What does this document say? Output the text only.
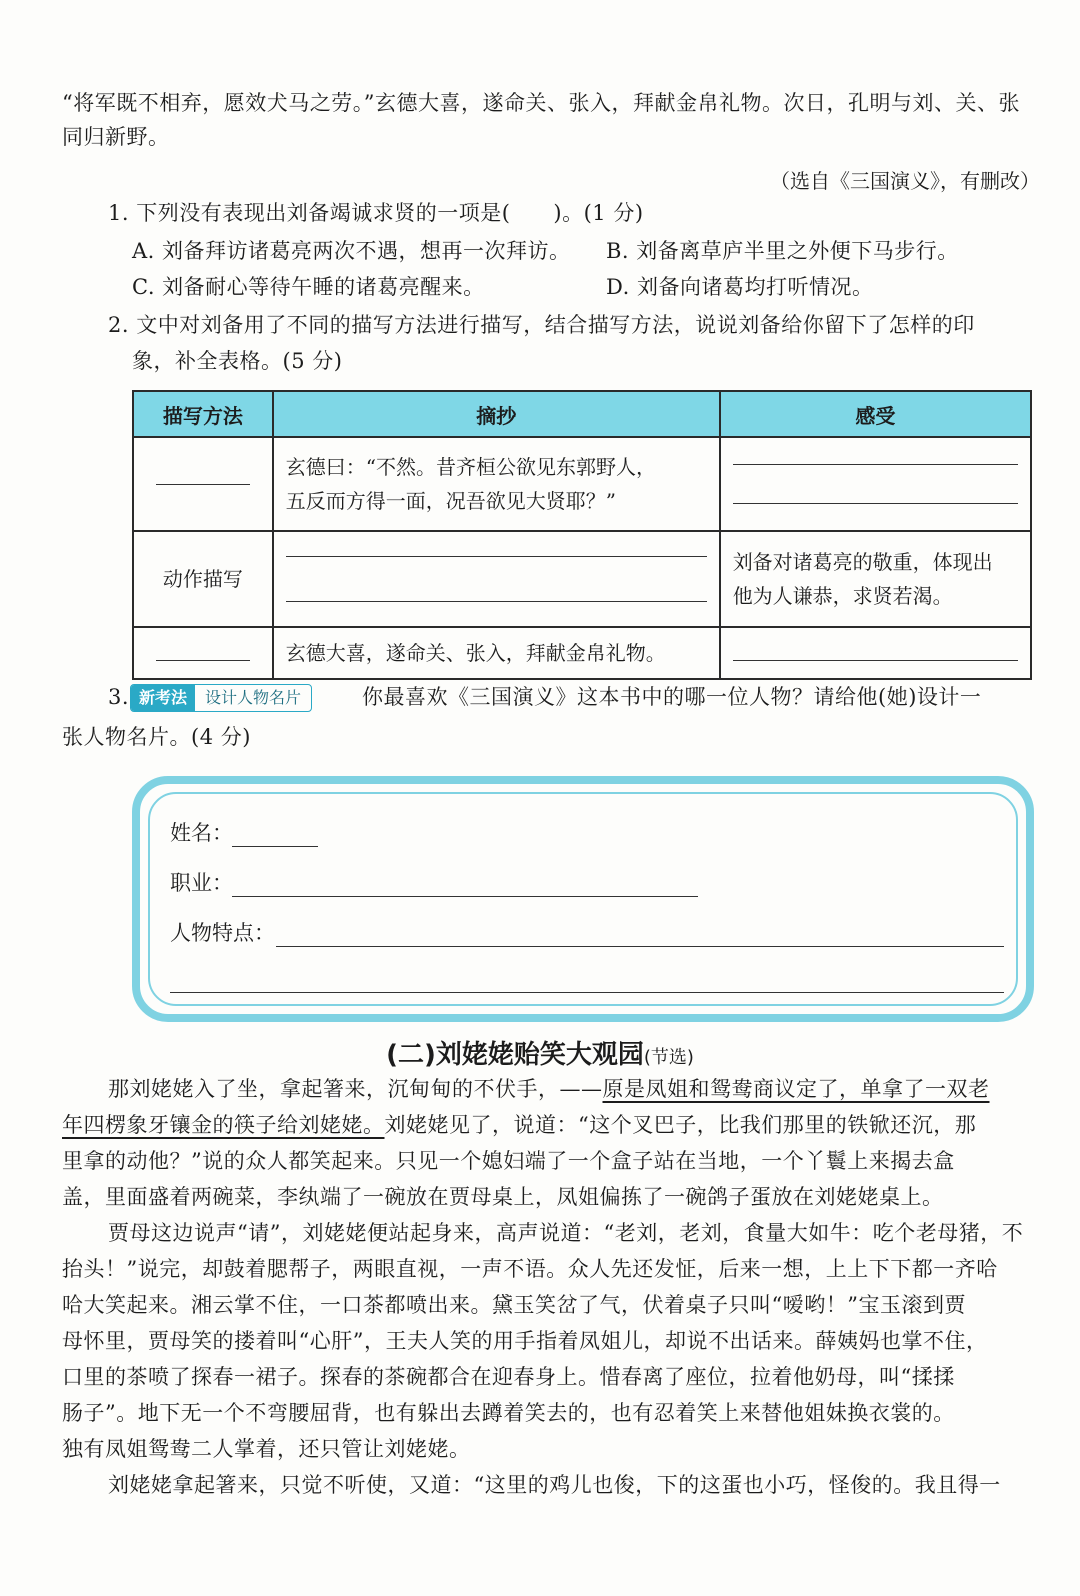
“将军既不相弃，愿效犬马之劳。”玄德大喜，遂命关、张入，拜献金帛礼物。次日，孔明与刘、关、张
同归新野。
（选自《三国演义》，有删改）
1. 下列没有表现出刘备竭诚求贤的一项是(　　)。(1 分)
A. 刘备拜访诸葛亮两次不遇，想再一次拜访。 B. 刘备离草庐半里之外便下马步行。
C. 刘备耐心等待午睡的诸葛亮醒来。	D. 刘备向诸葛均打听情况。
2. 文中对刘备用了不同的描写方法进行描写，结合描写方法，说说刘备给你留下了怎样的印
象，补全表格。(5 分)
描写方法	摘抄	感受

	玄德曰：“不然。昔齐桓公欲见东郭野人，
五反而方得一面，况吾欲见大贤耶？”	

动作描写		刘备对诸葛亮的敬重，体现出
他为人谦恭，求贤若渴。

	玄德大喜，遂命关、张入，拜献金帛礼物。	
3. 新考法	设计人物名片	你最喜欢《三国演义》这本书中的哪一位人物？请给他(她)设计一
张人物名片。(4 分)
姓名：
职业：
人物特点：
(二)刘姥姥贻笑大观园(节选)
那刘姥姥入了坐，拿起箸来，沉甸甸的不伏手，——原是凤姐和鸳鸯商议定了，单拿了一双老
年四楞象牙镶金的筷子给刘姥姥。刘姥姥见了，说道：“这个叉巴子，比我们那里的铁锨还沉，那
里拿的动他？”说的众人都笑起来。只见一个媳妇端了一个盒子站在当地，一个丫鬟上来揭去盒
盖，里面盛着两碗菜，李纨端了一碗放在贾母桌上，凤姐偏拣了一碗鸽子蛋放在刘姥姥桌上。
贾母这边说声“请”，刘姥姥便站起身来，高声说道：“老刘，老刘，食量大如牛：吃个老母猪，不
抬头！”说完，却鼓着腮帮子，两眼直视，一声不语。众人先还发怔，后来一想，上上下下都一齐哈
哈大笑起来。湘云掌不住，一口茶都喷出来。黛玉笑岔了气，伏着桌子只叫“嗳哟！”宝玉滚到贾
母怀里，贾母笑的搂着叫“心肝”，王夫人笑的用手指着凤姐儿，却说不出话来。薛姨妈也掌不住，
口里的茶喷了探春一裙子。探春的茶碗都合在迎春身上。惜春离了座位，拉着他奶母，叫“揉揉
肠子”。地下无一个不弯腰屈背，也有躲出去蹲着笑去的，也有忍着笑上来替他姐妹换衣裳的。
独有凤姐鸳鸯二人掌着，还只管让刘姥姥。
刘姥姥拿起箸来，只觉不听使，又道：“这里的鸡儿也俊，下的这蛋也小巧，怪俊的。我且得一
